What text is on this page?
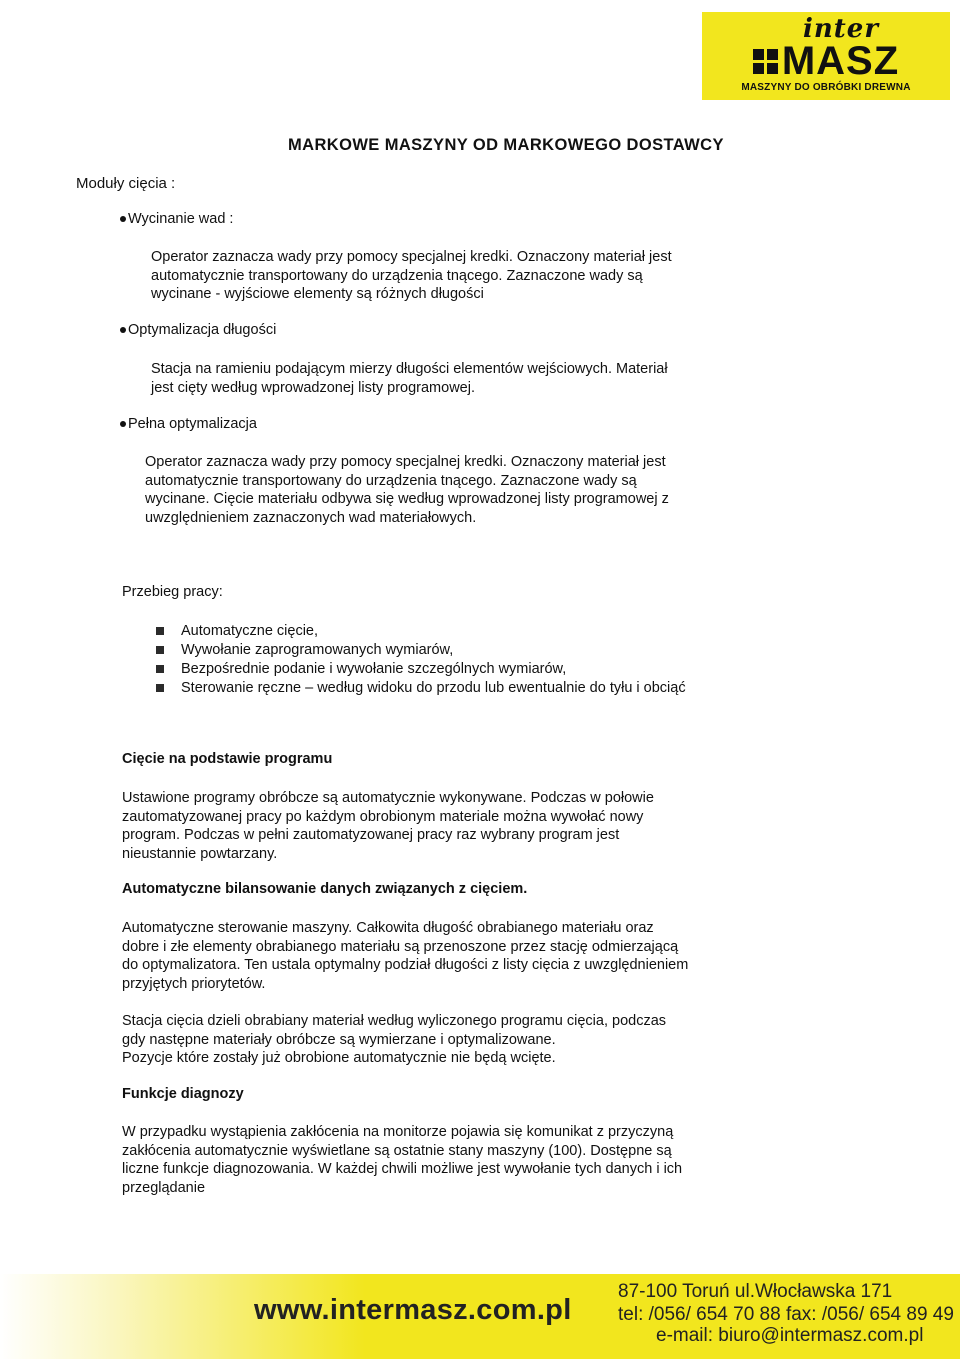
inter
MASZ
MASZYNY DO OBRÓBKI DREWNA
MARKOWE MASZYNY OD MARKOWEGO DOSTAWCY
Moduły cięcia :
Wycinanie wad :
Operator zaznacza wady przy pomocy specjalnej kredki. Oznaczony materiał jest
automatycznie transportowany do urządzenia tnącego. Zaznaczone wady są
wycinane - wyjściowe elementy są różnych długości
Optymalizacja długości
Stacja na ramieniu podającym mierzy długości elementów wejściowych. Materiał
jest cięty według wprowadzonej listy programowej.
Pełna optymalizacja
Operator zaznacza wady przy pomocy specjalnej kredki. Oznaczony materiał jest
automatycznie transportowany do urządzenia tnącego. Zaznaczone wady są
wycinane. Cięcie materiału odbywa się według wprowadzonej listy programowej z
uwzględnieniem zaznaczonych wad materiałowych.
Przebieg pracy:
Automatyczne cięcie,
Wywołanie zaprogramowanych wymiarów,
Bezpośrednie podanie i wywołanie szczególnych wymiarów,
Sterowanie ręczne – według widoku do przodu lub ewentualnie do tyłu i obciąć
Cięcie na podstawie programu
Ustawione programy obróbcze są automatycznie wykonywane. Podczas w połowie
zautomatyzowanej pracy po każdym obrobionym materiale można wywołać nowy
program. Podczas w pełni zautomatyzowanej pracy raz wybrany program jest
nieustannie powtarzany.
Automatyczne bilansowanie danych związanych z cięciem.
Automatyczne sterowanie maszyny. Całkowita długość obrabianego materiału oraz
dobre i złe elementy obrabianego materiału są przenoszone przez stację odmierzającą
do optymalizatora. Ten ustala optymalny podział długości z listy cięcia z uwzględnieniem
przyjętych priorytetów.
Stacja cięcia dzieli obrabiany materiał według wyliczonego programu cięcia, podczas
gdy następne materiały obróbcze są wymierzane i optymalizowane.
Pozycje które zostały już obrobione automatycznie nie będą wcięte.
Funkcje diagnozy
W przypadku wystąpienia zakłócenia na monitorze pojawia się komunikat z przyczyną
zakłócenia automatycznie wyświetlane są ostatnie stany maszyny (100). Dostępne są
liczne funkcje diagnozowania. W każdej chwili możliwe jest wywołanie tych danych i ich
przeglądanie
www.intermasz.com.pl
87-100 Toruń ul.Włocławska 171
tel: /056/ 654 70 88 fax: /056/ 654 89 49
e-mail: biuro@intermasz.com.pl
